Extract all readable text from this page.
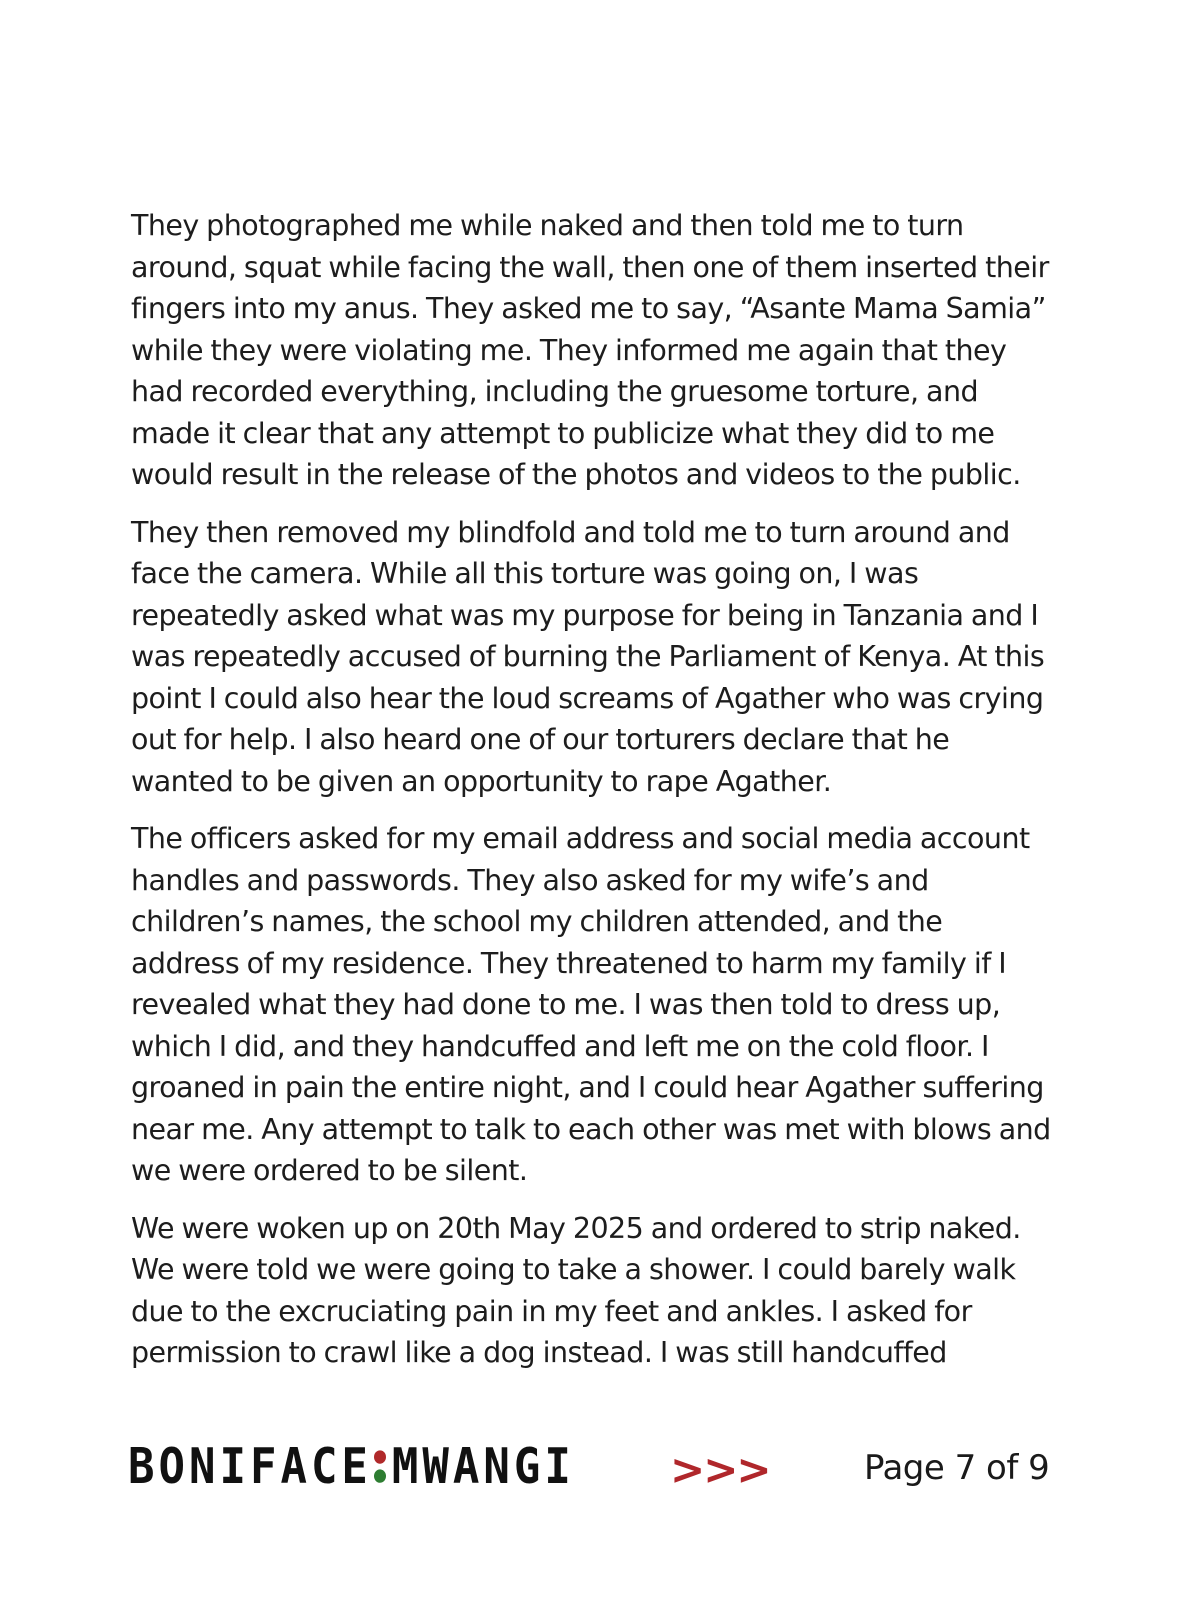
They photographed me while naked and then told me to turn around, squat while facing the wall, then one of them inserted their fingers into my anus. They asked me to say, “Asante Mama Samia” while they were violating me. They informed me again that they had recorded everything, including the gruesome torture, and made it clear that any attempt to publicize what they did to me would result in the release of the photos and videos to the public.

They then removed my blindfold and told me to turn around and face the camera. While all this torture was going on, I was repeatedly asked what was my purpose for being in Tanzania and I was repeatedly accused of burning the Parliament of Kenya. At this point I could also hear the loud screams of Agather who was crying out for help. I also heard one of our torturers declare that he wanted to be given an opportunity to rape Agather.

The officers asked for my email address and social media account handles and passwords. They also asked for my wife’s and children’s names, the school my children attended, and the address of my residence. They threatened to harm my family if I revealed what they had done to me. I was then told to dress up, which I did, and they handcuffed and left me on the cold floor. I groaned in pain the entire night, and I could hear Agather suffering near me. Any attempt to talk to each other was met with blows and we were ordered to be silent.

We were woken up on 20th May 2025 and ordered to strip naked. We were told we were going to take a shower. I could barely walk due to the excruciating pain in my feet and ankles. I asked for permission to crawl like a dog instead. I was still handcuffed

BONIFACE MWANGI >>>	Page 7 of 9
